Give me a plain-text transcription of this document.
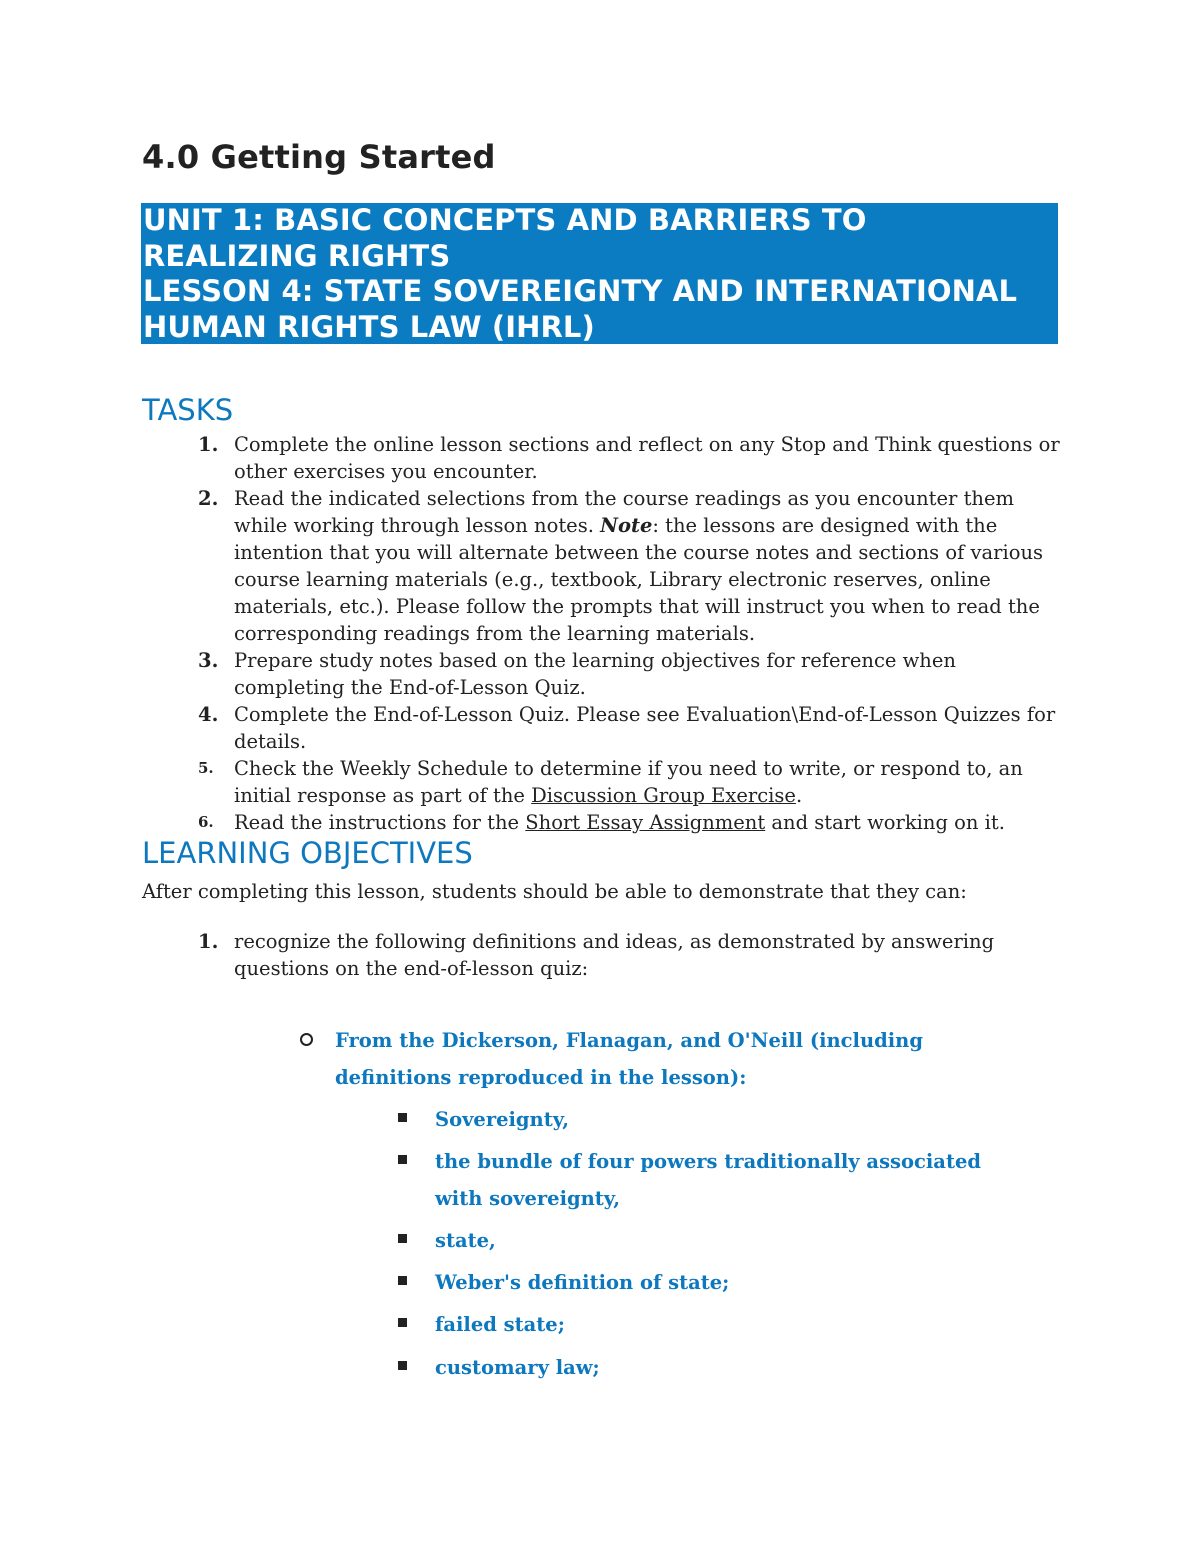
4.0 Getting Started
UNIT 1: BASIC CONCEPTS AND BARRIERS TO
REALIZING RIGHTS
LESSON 4: STATE SOVEREIGNTY AND INTERNATIONAL
HUMAN RIGHTS LAW (IHRL)
TASKS
1. Complete the online lesson sections and reflect on any Stop and Think questions or other exercises you encounter.
2. Read the indicated selections from the course readings as you encounter them while working through lesson notes. Note: the lessons are designed with the intention that you will alternate between the course notes and sections of various course learning materials (e.g., textbook, Library electronic reserves, online materials, etc.). Please follow the prompts that will instruct you when to read the corresponding readings from the learning materials.
3. Prepare study notes based on the learning objectives for reference when completing the End-of-Lesson Quiz.
4. Complete the End-of-Lesson Quiz. Please see Evaluation\End-of-Lesson Quizzes for details.
5. Check the Weekly Schedule to determine if you need to write, or respond to, an initial response as part of the Discussion Group Exercise.
6. Read the instructions for the Short Essay Assignment and start working on it.
LEARNING OBJECTIVES
After completing this lesson, students should be able to demonstrate that they can:
1. recognize the following definitions and ideas, as demonstrated by answering questions on the end-of-lesson quiz:
From the Dickerson, Flanagan, and O'Neill (including definitions reproduced in the lesson):
Sovereignty,
the bundle of four powers traditionally associated with sovereignty,
state,
Weber's definition of state;
failed state;
customary law;
